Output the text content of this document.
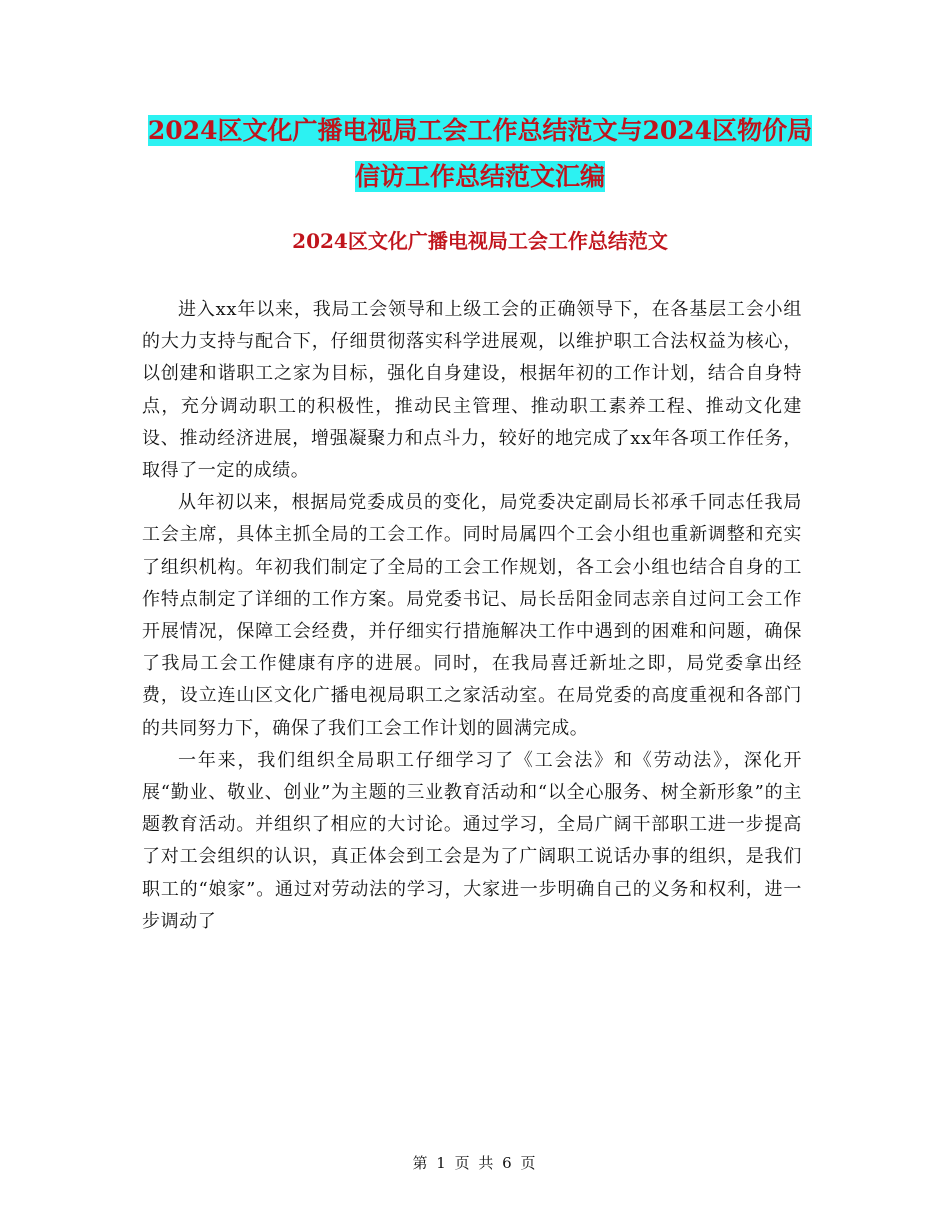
2024区文化广播电视局工会工作总结范文与2024区物价局信访工作总结范文汇编
2024区文化广播电视局工会工作总结范文

进入xx年以来，我局工会领导和上级工会的正确领导下，在各基层工会小组的大力支持与配合下，仔细贯彻落实科学进展观，以维护职工合法权益为核心，以创建和谐职工之家为目标，强化自身建设，根据年初的工作计划，结合自身特点，充分调动职工的积极性，推动民主管理、推动职工素养工程、推动文化建设、推动经济进展，增强凝聚力和点斗力，较好的地完成了xx年各项工作任务，取得了一定的成绩。

从年初以来，根据局党委成员的变化，局党委决定副局长祁承千同志任我局工会主席，具体主抓全局的工会工作。同时局属四个工会小组也重新调整和充实了组织机构。年初我们制定了全局的工会工作规划，各工会小组也结合自身的工作特点制定了详细的工作方案。局党委书记、局长岳阳金同志亲自过问工会工作开展情况，保障工会经费，并仔细实行措施解决工作中遇到的困难和问题，确保了我局工会工作健康有序的进展。同时，在我局喜迁新址之即，局党委拿出经费，设立连山区文化广播电视局职工之家活动室。在局党委的高度重视和各部门的共同努力下，确保了我们工会工作计划的圆满完成。

一年来，我们组织全局职工仔细学习了《工会法》和《劳动法》，深化开展“勤业、敬业、创业”为主题的三业教育活动和“以全心服务、树全新形象”的主题教育活动。并组织了相应的大讨论。通过学习，全局广阔干部职工进一步提高了对工会组织的认识，真正体会到工会是为了广阔职工说话办事的组织，是我们职工的“娘家”。通过对劳动法的学习，大家进一步明确自己的义务和权利，进一步调动了

第 1 页 共 6 页
